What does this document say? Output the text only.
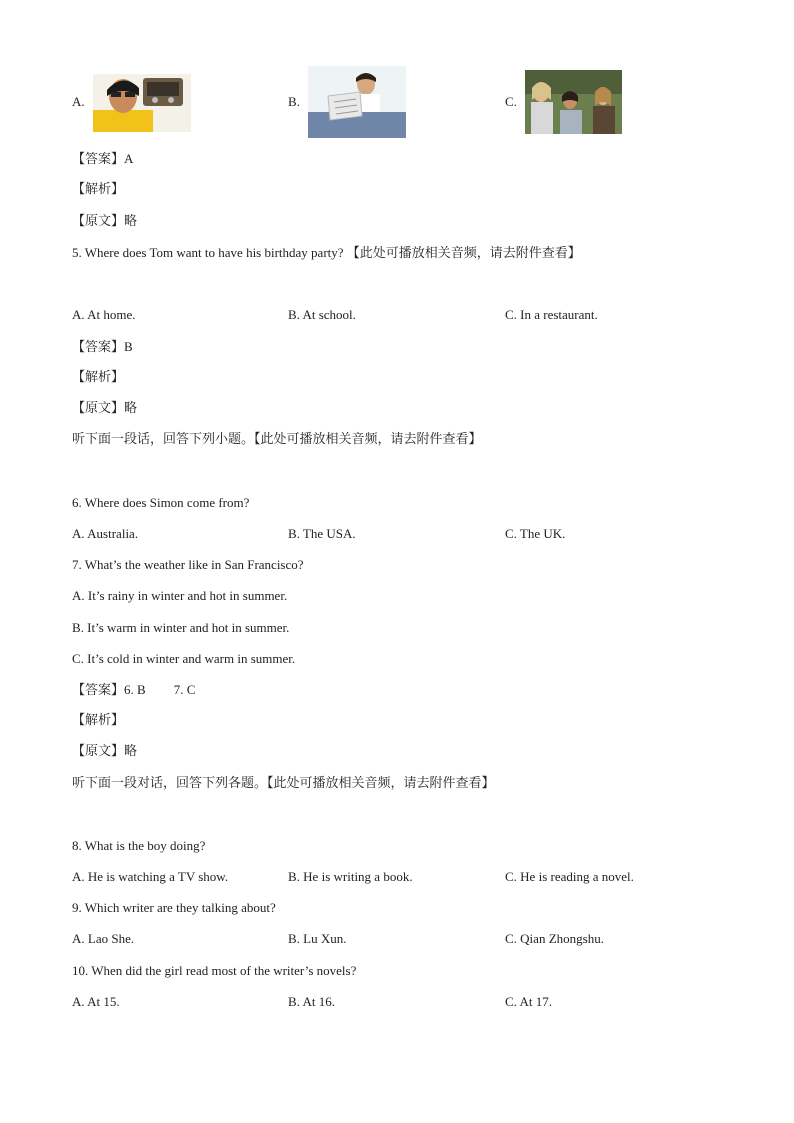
A.	B.	C.
【答案】A
【解析】
【原文】略
5. Where does Tom want to have his birthday party? 【此处可播放相关音频，请去附件查看】
A. At home.	B. At school.	C. In a restaurant.
【答案】B
【解析】
【原文】略
听下面一段话，回答下列小题。【此处可播放相关音频，请去附件查看】
6. Where does Simon come from?
A. Australia.	B. The USA.	C. The UK.
7. What’s the weather like in San Francisco?
A. It’s rainy in winter and hot in summer.
B. It’s warm in winter and hot in summer.
C. It’s cold in winter and warm in summer.
【答案】6. B 7. C
【解析】
【原文】略
听下面一段对话，回答下列各题。【此处可播放相关音频，请去附件查看】
8. What is the boy doing?
A. He is watching a TV show.	B. He is writing a book.	C. He is reading a novel.
9. Which writer are they talking about?
A. Lao She.	B. Lu Xun.	C. Qian Zhongshu.
10. When did the girl read most of the writer’s novels?
A. At 15.	B. At 16.	C. At 17.
